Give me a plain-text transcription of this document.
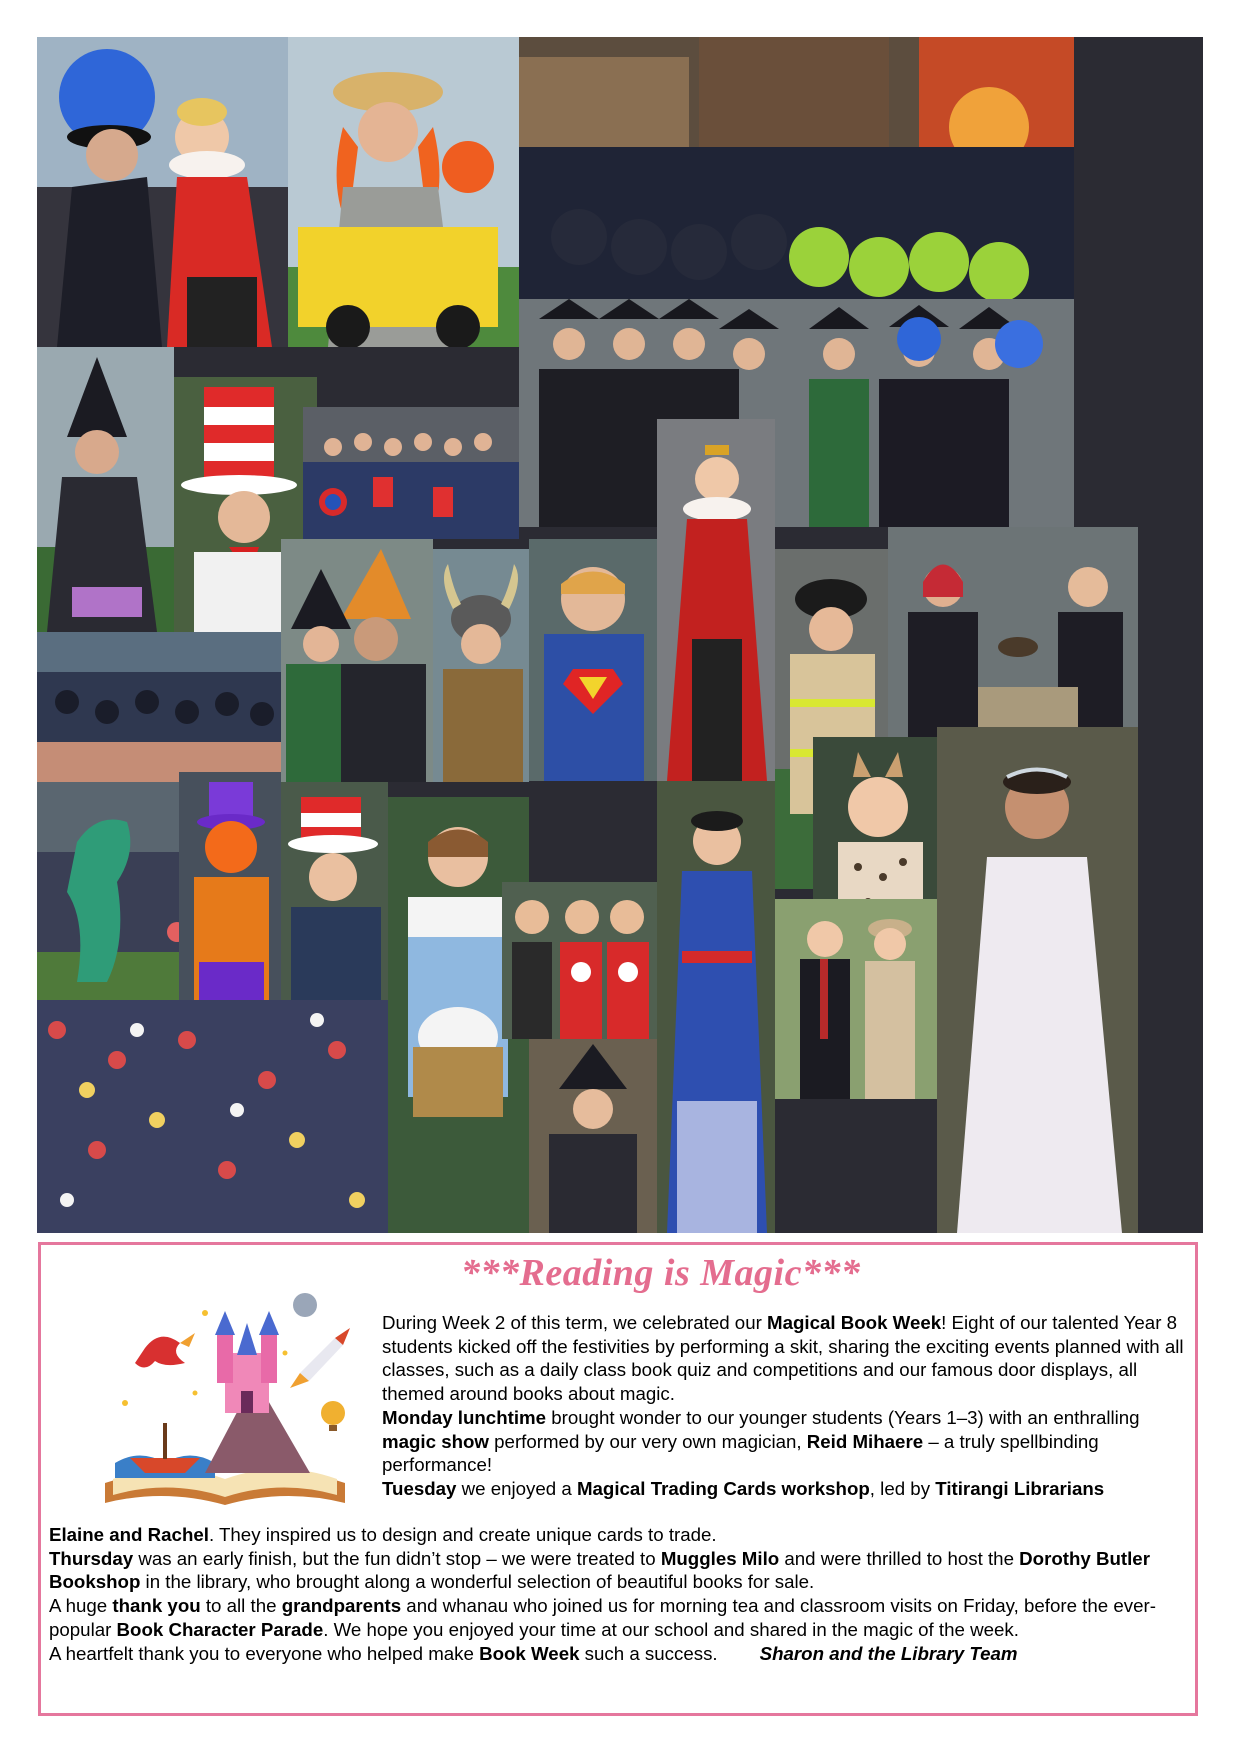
***Reading is Magic***

During Week 2 of this term, we celebrated our Magical Book Week! Eight of our talented Year 8 students kicked off the festivities by performing a skit, sharing the exciting events planned with all classes, such as a daily class book quiz and competitions and our famous door displays, all themed around books about magic.

Monday lunchtime brought wonder to our younger students (Years 1–3) with an enthralling magic show performed by our very own magician, Reid Mihaere – a truly spellbinding performance!

Tuesday we enjoyed a Magical Trading Cards workshop, led by Titirangi Librarians

Elaine and Rachel. They inspired us to design and create unique cards to trade.

Thursday was an early finish, but the fun didn’t stop – we were treated to Muggles Milo and were thrilled to host the Dorothy Butler Bookshop in the library, who brought along a wonderful selection of beautiful books for sale.

A huge thank you to all the grandparents and whanau who joined us for morning tea and classroom visits on Friday, before the ever-popular Book Character Parade. We hope you enjoyed your time at our school and shared in the magic of the week.

A heartfelt thank you to everyone who helped make Book Week such a success. Sharon and the Library Team
